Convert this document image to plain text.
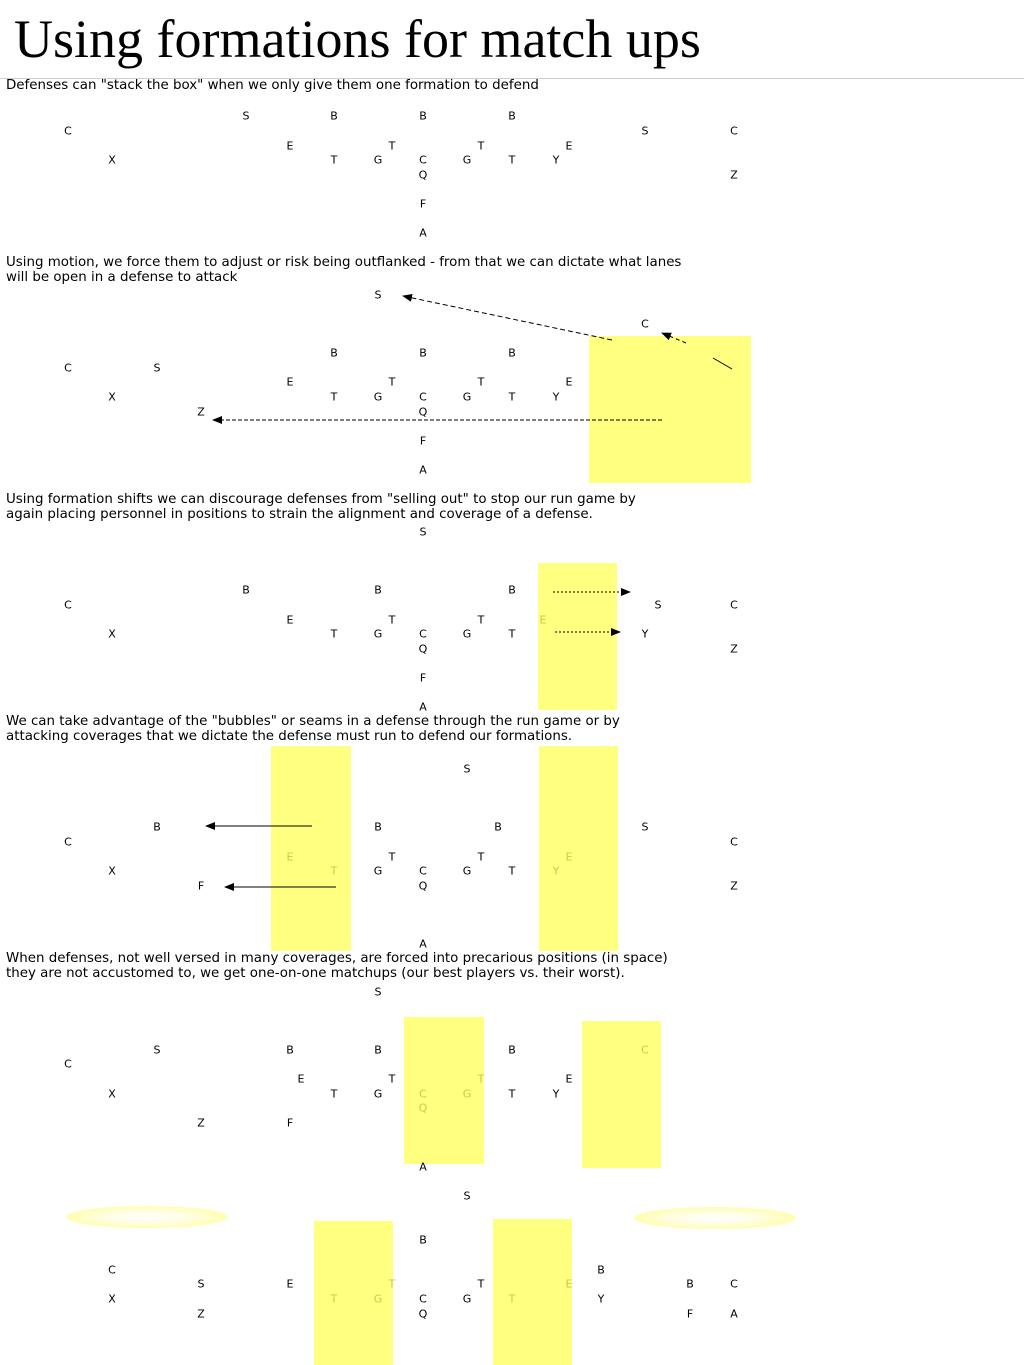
Using formations for match ups
Defenses can "stack the box" when we only give them one formation to defend
Using motion, we force them to adjust or risk being outflanked - from that we can dictate what lanes
will be open in a defense to attack
Using formation shifts we can discourage defenses from "selling out" to stop our run game by
again placing personnel in positions to strain the alignment and coverage of a defense.
We can take advantage of the "bubbles" or seams in a defense through the run game or by
attacking coverages that we dictate the defense must run to defend our formations.
When defenses, not well versed in many coverages, are forced into precarious positions (in space)
they are not accustomed to, we get one-on-one matchups (our best players vs. their worst).
S	B	B	B
C	S	C
E	T	T	E
X	T	G	C	G	T	Y
Q	Z
F
A
S
C
B	B	B
C	S
E	T	T	E
X	T	G	C	G	T	Y
Z	Q
F
A
S
B	B	B
C	S	C
E	T	T	E
X	T	G	C	G	T	Y
Q	Z
F
A
S
B	B	B	S
C	C
E	T	T	E
X	T	G	C	G	T	Y
F	Q	Z
A
S
S	B	B	B	C
C
E	T	T	E
X	T	G	C	G	T	Y
Q
Z	F
A
S
B
C	B
S	E	T	T	E	B	C
X	T	G	C	G	T	Y
Z	Q	F	A
